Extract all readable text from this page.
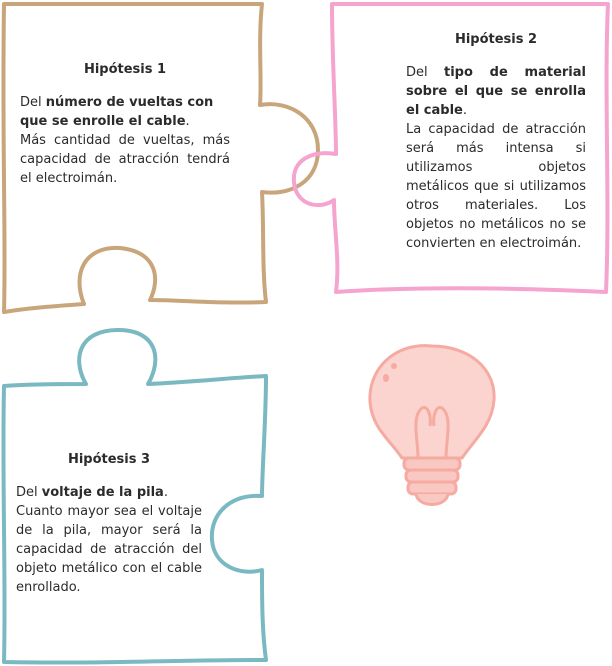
Hipótesis 1

Del número de vueltas con que se enrolle el cable.

Más cantidad de vueltas, más capacidad de atracción tendrá el electroimán.

Hipótesis 2

Del tipo de material sobre el que se enrolla el cable.

La capacidad de atracción será más intensa si utilizamos objetos metálicos que si utilizamos otros materiales. Los objetos no metálicos no se convierten en electroimán.

Hipótesis 3

Del voltaje de la pila.

Cuanto mayor sea el voltaje de la pila, mayor será la capacidad de atracción del objeto metálico con el cable enrollado.
